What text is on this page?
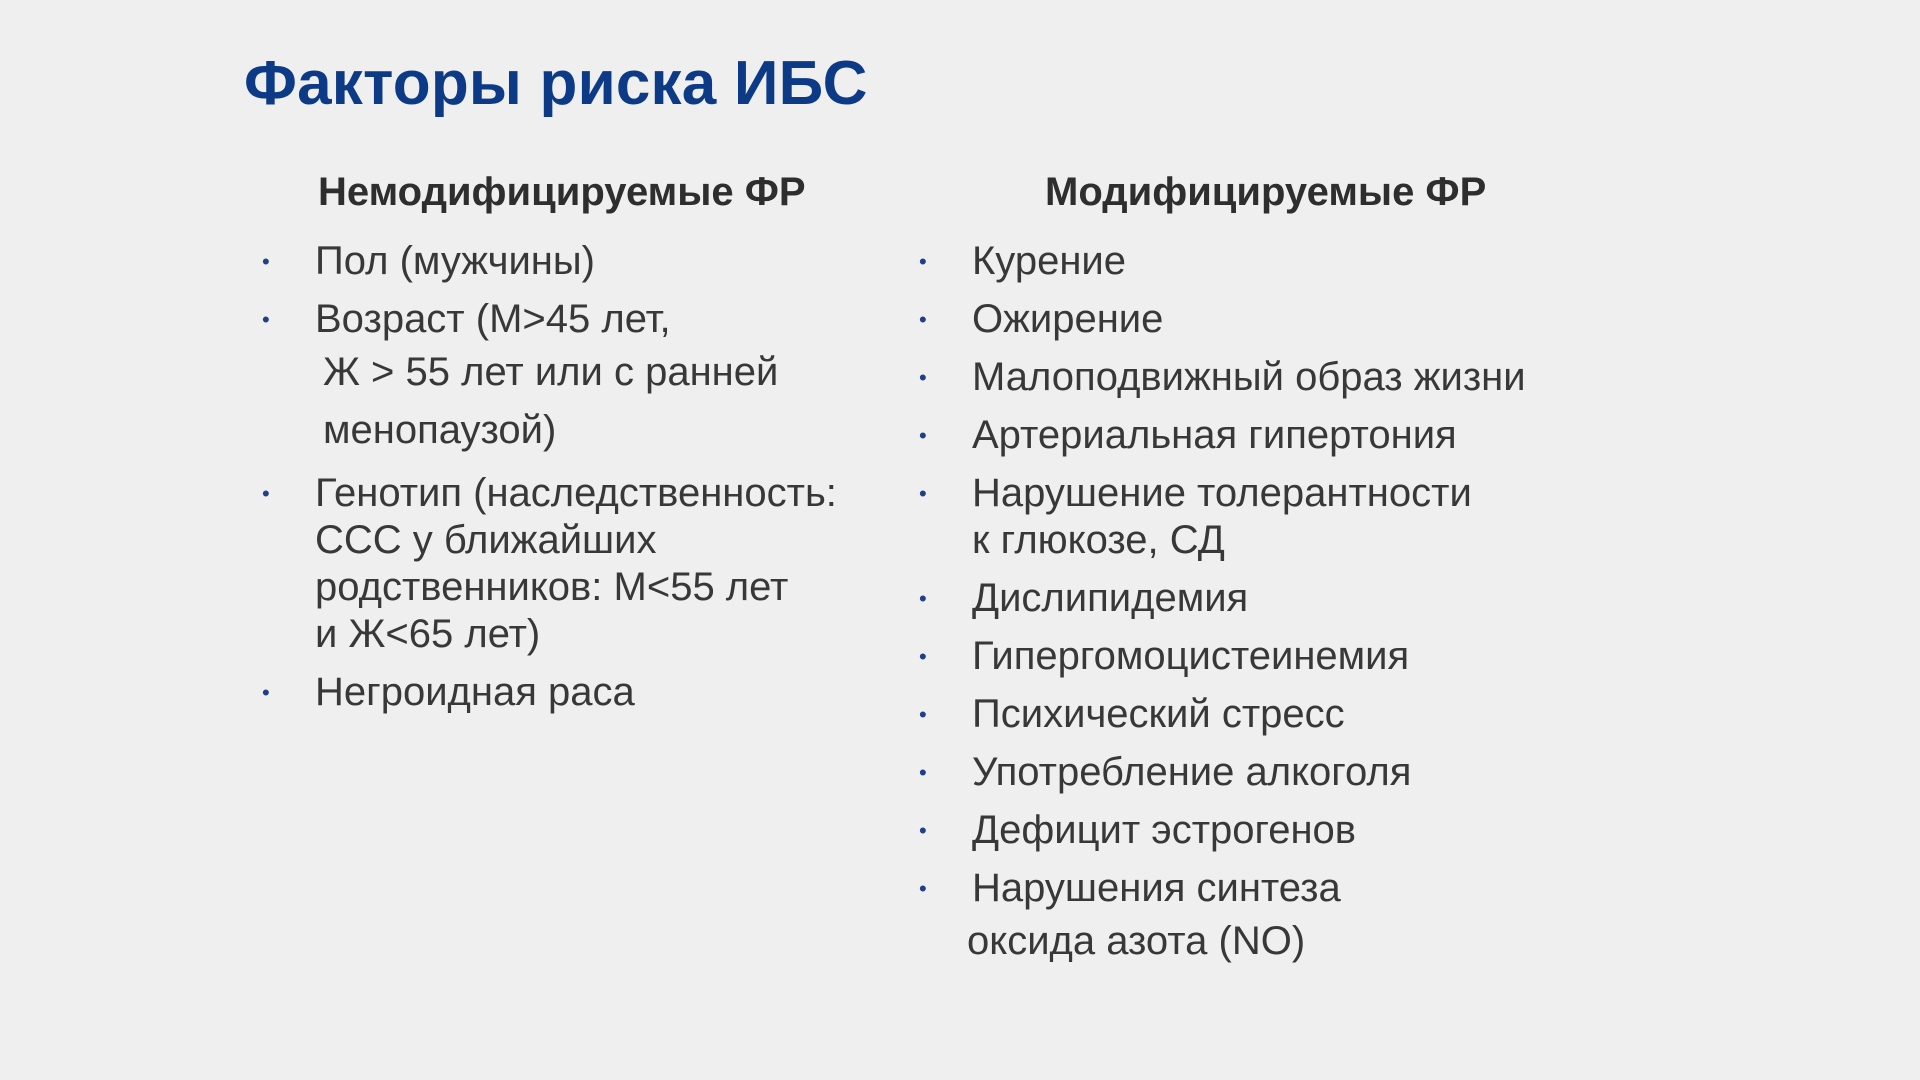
Факторы риска ИБС
Немодифицируемые ФР
• Пол (мужчины)
• Возраст (М>45 лет,
Ж > 55 лет или с ранней
менопаузой)
• Генотип (наследственность:
ССС у ближайших
родственников: М<55 лет
и Ж<65 лет)
• Негроидная раса
Модифицируемые ФР
• Курение
• Ожирение
• Малоподвижный образ жизни
• Артериальная гипертония
• Нарушение толерантности
к глюкозе, СД
• Дислипидемия
• Гипергомоцистеинемия
• Психический стресс
• Употребление алкоголя
• Дефицит эстрогенов
• Нарушения синтеза
оксида азота (NO)
